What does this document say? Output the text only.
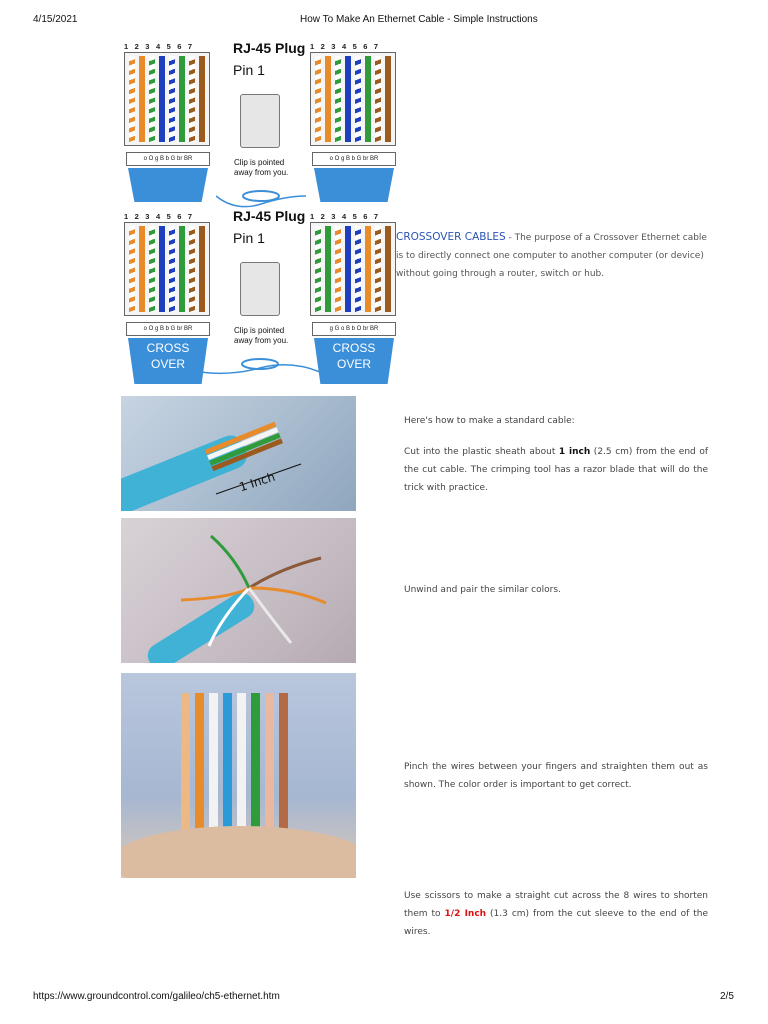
4/15/2021	How To Make An Ethernet Cable - Simple Instructions
1 2 3 4 5 6 7
o O g B b G br BR
RJ-45 Plug
Pin 1
Clip is pointed
away from you.
1 2 3 4 5 6 7
o O g B b G br BR
1 2 3 4 5 6 7
o O g B b G br BR
CROSS
OVER
RJ-45 Plug
Pin 1
Clip is pointed
away from you.
1 2 3 4 5 6 7
g G o B b O br BR
CROSS
OVER
CROSSOVER CABLES - The purpose of a Crossover Ethernet cable is to directly connect one computer to another computer (or device) without going through a router, switch or hub.
1 Inch
Here's how to make a standard cable:
Cut into the plastic sheath about 1 inch (2.5 cm) from the end of the cut cable. The crimping tool has a razor blade that will do the trick with practice.
Unwind and pair the similar colors.
Pinch the wires between your fingers and straighten them out as shown. The color order is important to get correct.
Use scissors to make a straight cut across the 8 wires to shorten them to 1/2 Inch (1.3 cm) from the cut sleeve to the end of the wires.
https://www.groundcontrol.com/galileo/ch5-ethernet.htm	2/5
